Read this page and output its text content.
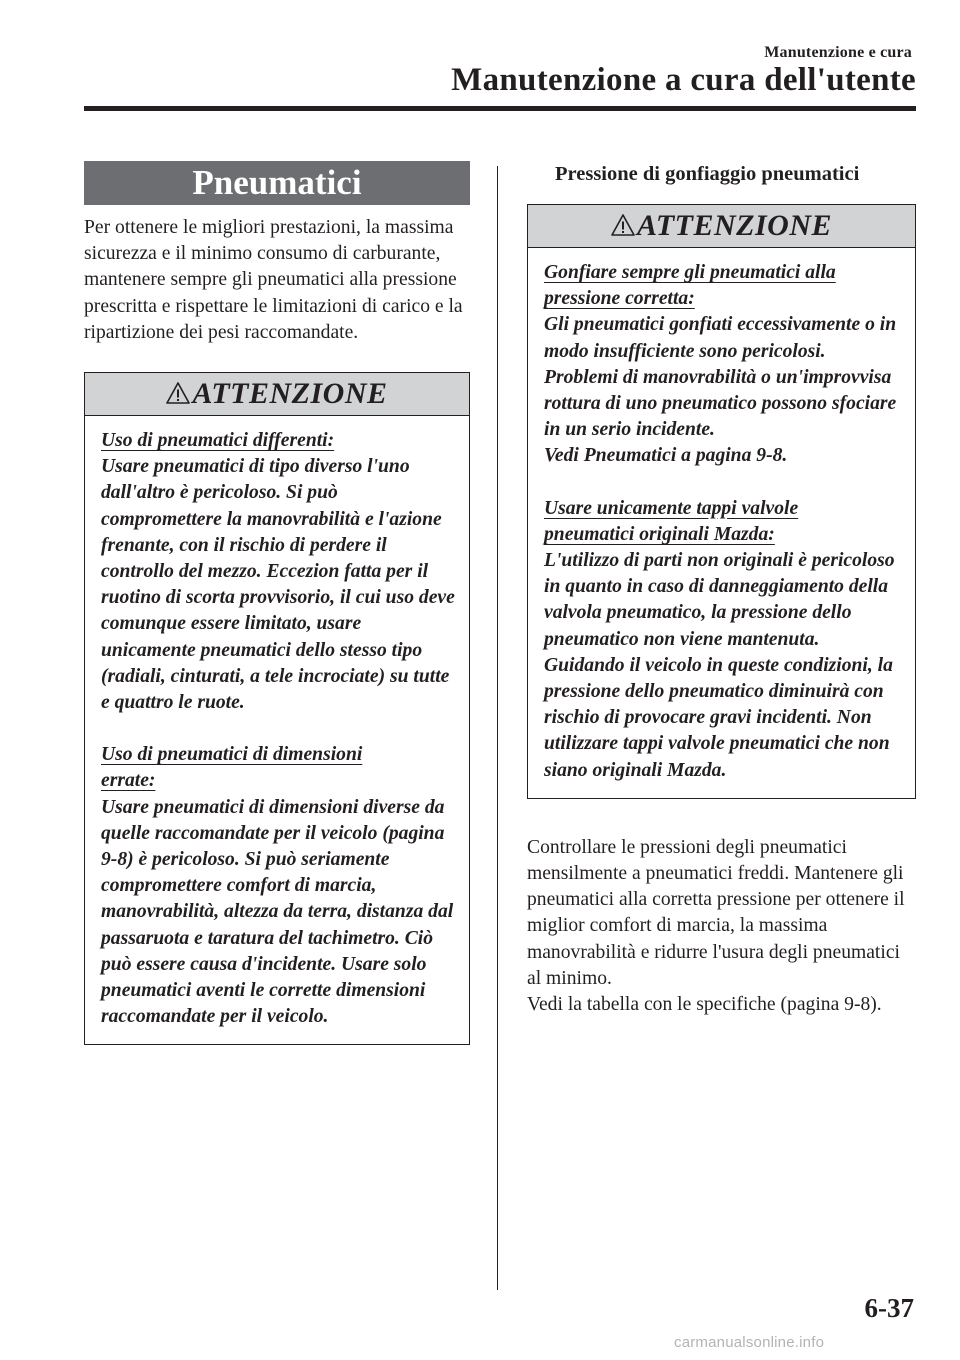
Manutenzione e cura
Manutenzione a cura dell'utente
Pneumatici

Per ottenere le migliori prestazioni, la massima sicurezza e il minimo consumo di carburante, mantenere sempre gli pneumatici alla pressione prescritta e rispettare le limitazioni di carico e la ripartizione dei pesi raccomandate.

ATTENZIONE
Uso di pneumatici differenti:

Usare pneumatici di tipo diverso l'uno dall'altro è pericoloso. Si può compromettere la manovrabilità e l'azione frenante, con il rischio di perdere il controllo del mezzo. Eccezion fatta per il ruotino di scorta provvisorio, il cui uso deve comunque essere limitato, usare unicamente pneumatici dello stesso tipo (radiali, cinturati, a tele incrociate) su tutte e quattro le ruote.

Uso di pneumatici di dimensioni errate:

Usare pneumatici di dimensioni diverse da quelle raccomandate per il veicolo (pagina 9-8) è pericoloso. Si può seriamente compromettere comfort di marcia, manovrabilità, altezza da terra, distanza dal passaruota e taratura del tachimetro. Ciò può essere causa d'incidente. Usare solo pneumatici aventi le corrette dimensioni raccomandate per il veicolo.

Pressione di gonfiaggio pneumatici
ATTENZIONE
Gonfiare sempre gli pneumatici alla pressione corretta:

Gli pneumatici gonfiati eccessivamente o in modo insufficiente sono pericolosi. Problemi di manovrabilità o un'improvvisa rottura di uno pneumatico possono sfociare in un serio incidente.

Vedi Pneumatici a pagina 9-8.

Usare unicamente tappi valvole pneumatici originali Mazda:

L'utilizzo di parti non originali è pericoloso in quanto in caso di danneggiamento della valvola pneumatico, la pressione dello pneumatico non viene mantenuta. Guidando il veicolo in queste condizioni, la pressione dello pneumatico diminuirà con rischio di provocare gravi incidenti. Non utilizzare tappi valvole pneumatici che non siano originali Mazda.

Controllare le pressioni degli pneumatici mensilmente a pneumatici freddi. Mantenere gli pneumatici alla corretta pressione per ottenere il miglior comfort di marcia, la massima manovrabilità e ridurre l'usura degli pneumatici al minimo.

Vedi la tabella con le specifiche (pagina 9-8).

6-37
carmanualsonline.info
